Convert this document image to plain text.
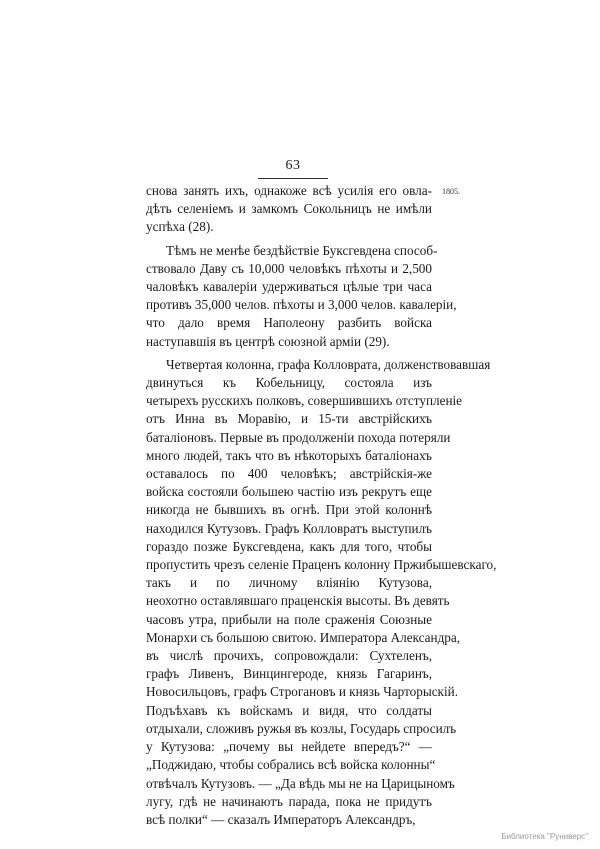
63
1805.

снова занять ихъ, однакоже всѣ усилія его овла-
дѣть селеніемъ и замкомъ Сокольницъ не имѣли
успѣха (28).

Тѣмъ не менѣе бездѣйствіе Буксгевдена способ-
ствовало Даву съ 10,000 человѣкъ пѣхоты и 2,500
чаловѣкъ кавалеріи удерживаться цѣлые три часа
противъ 35,000 челов. пѣхоты и 3,000 челов. кавалеріи,
что дало время Наполеону разбить войска
наступавшія въ центрѣ союзной арміи (29).

Четвертая колонна, графа Колловрата, долженствовавшая
двинуться къ Кобельницу, состояла изъ
четырехъ русскихъ полковъ, совершившихъ отступленіе
отъ Инна въ Моравію, и 15-ти австрійскихъ
баталіоновъ. Первые въ продолженіи похода потеряли
много людей, такъ что въ нѣкоторыхъ баталіонахъ
оставалось по 400 человѣкъ; австрійскія-же
войска состояли большею частію изъ рекрутъ еще
никогда не бывшихъ въ огнѣ. При этой колоннѣ
находился Кутузовъ. Графъ Колловратъ выступилъ
гораздо позже Буксгевдена, какъ для того, чтобы
пропустить чрезъ селеніе Праценъ колонну Пржибышевскаго,
такъ и по личному вліянію Кутузова,
неохотно оставлявшаго праценскія высоты. Въ девять
часовъ утра, прибыли на поле сраженія Союзные
Монархи съ большою свитою. Императора Александра,
въ числѣ прочихъ, сопровождали: Сухтеленъ,
графъ Ливенъ, Винцингероде, князь Гагаринъ,
Новосильцовъ, графъ Строгановъ и князь Чарторыскій.
Подъѣхавъ къ войскамъ и видя, что солдаты
отдыхали, сложивъ ружья въ козлы, Государь спросилъ
у Кутузова: „почему вы нейдете впередъ?“ —
„Поджидаю, чтобы собрались всѣ войска колонны“
отвѣчалъ Кутузовъ. — „Да вѣдь мы не на Царицыномъ
лугу, гдѣ не начинаютъ парада, пока не придутъ
всѣ полки“ — сказалъ Императоръ Александръ,

Библиотека "Руниверс"
